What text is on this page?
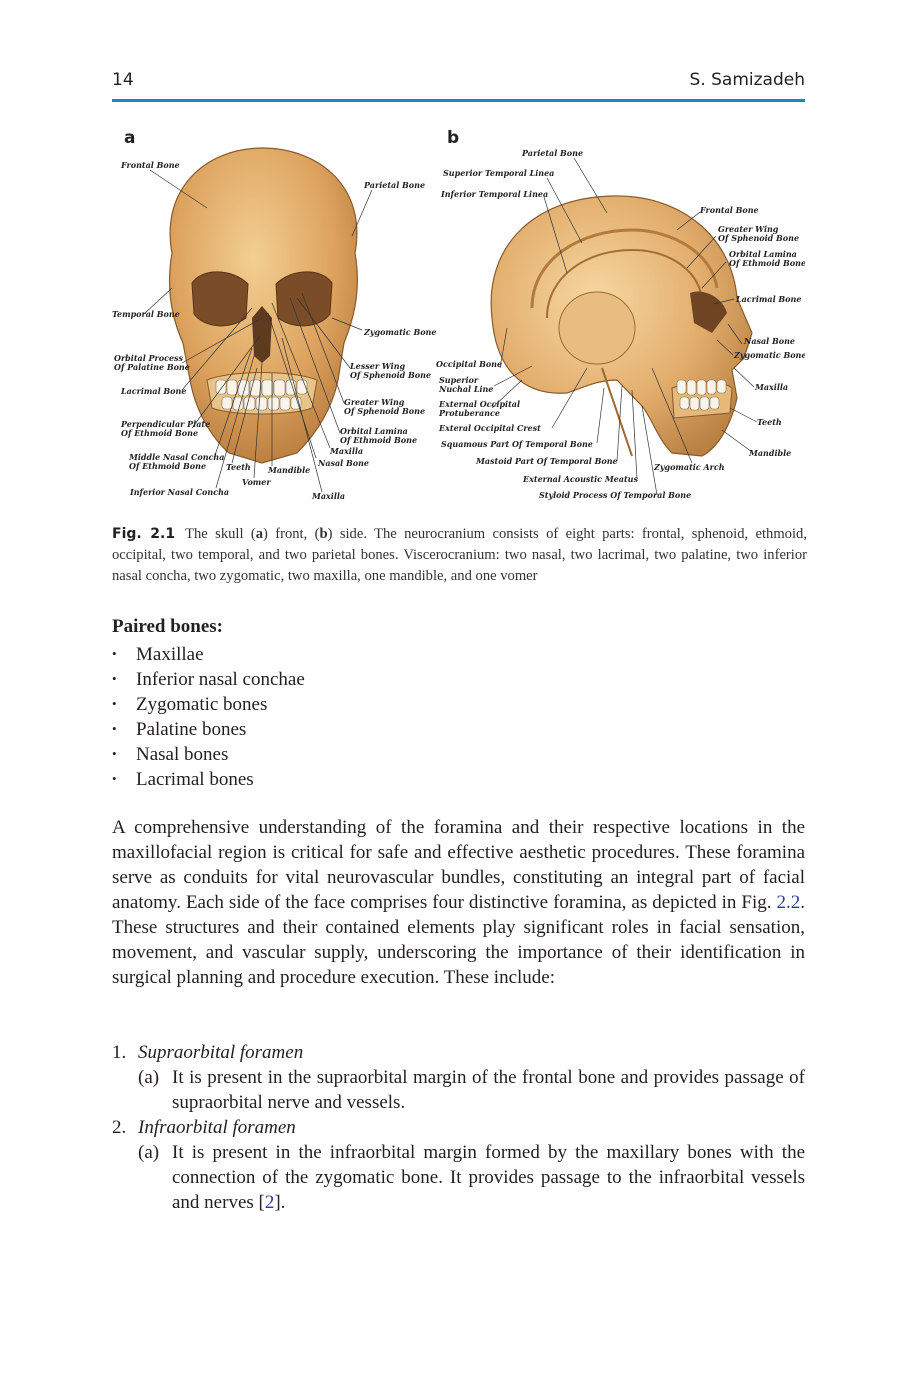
14	S. Samizadeh
a	b
Frontal Bone
Parietal Bone
Temporal Bone
Zygomatic Bone
Orbital Process
Of Palatine Bone	Lesser Wing
Of Sphenoid Bone
Lacrimal Bone
Greater Wing
Of Sphenoid Bone
Perpendicular Plate
Of Ethmoid Bone	Orbital Lamina
Of Ethmoid Bone
Maxilla
Middle Nasal Concha
Of Ethmoid Bone	Nasal Bone
Teeth Mandible
Vomer
Inferior Nasal Concha	Maxilla
Parietal Bone
Superior Temporal Linea
Inferior Temporal Linea
Frontal Bone
Greater Wing
Of Sphenoid Bone
Orbital Lamina
Of Ethmoid Bone
Lacrimal Bone
Nasal Bone
Zygomatic Bone
Occipital Bone
Superior
Nuchal Line	Maxilla
External Occipital
Protuberance
Teeth
Exteral Occipital Crest
Squamous Part Of Temporal Bone
Mandible
Mastoid Part Of Temporal Bone
Zygomatic Arch
External Acoustic Meatus
Styloid Process Of Temporal Bone
Fig. 2.1 The skull (a) front, (b) side. The neurocranium consists of eight parts: frontal, sphenoid, ethmoid, occipital, two temporal, and two parietal bones. Viscerocranium: two nasal, two lacrimal, two palatine, two inferior nasal concha, two zygomatic, two maxilla, one mandible, and one vomer
Paired bones:
• Maxillae
• Inferior nasal conchae
• Zygomatic bones
• Palatine bones
• Nasal bones
• Lacrimal bones

A comprehensive understanding of the foramina and their respective locations in the maxillofacial region is critical for safe and effective aesthetic procedures. These foramina serve as conduits for vital neurovascular bundles, constituting an integral part of facial anatomy. Each side of the face comprises four distinctive foramina, as depicted in Fig. 2.2. These structures and their contained elements play significant roles in facial sensation, movement, and vascular supply, underscoring the importance of their identification in surgical planning and procedure execution. These include:

1. Supraorbital foramen
(a) It is present in the supraorbital margin of the frontal bone and provides passage of supraorbital nerve and vessels.
2. Infraorbital foramen
(a) It is present in the infraorbital margin formed by the maxillary bones with the connection of the zygomatic bone. It provides passage to the infraorbital vessels and nerves [2].
